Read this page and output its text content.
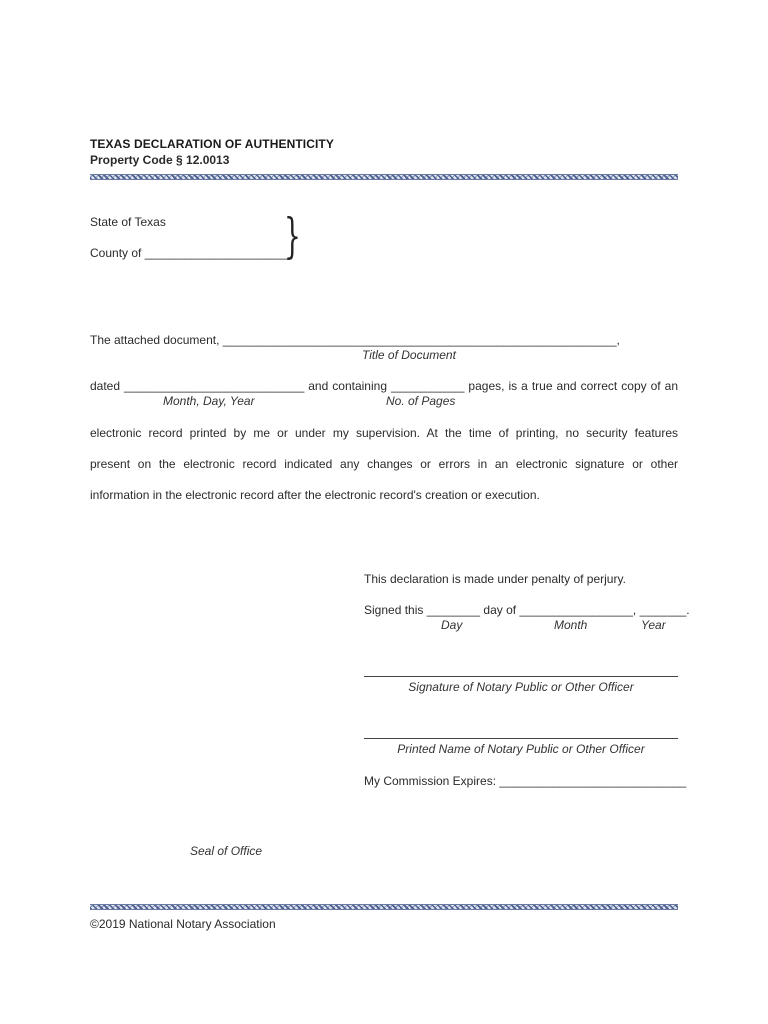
TEXAS DECLARATION OF AUTHENTICITY
Property Code § 12.0013
State of Texas
County of ______________________
}
The attached document, ___________________________________________________________,
Title of Document
dated ___________________________ and containing ___________ pages, is a true and correct copy of an
Month, Day, Year	No. of Pages
electronic record printed by me or under my supervision. At the time of printing, no security features
present on the electronic record indicated any changes or errors in an electronic signature or other
information in the electronic record after the electronic record's creation or execution.
This declaration is made under penalty of perjury.
Signed this ________ day of _________________, _______.
Day	Month	Year
Signature of Notary Public or Other Officer
Printed Name of Notary Public or Other Officer
My Commission Expires: ____________________________
Seal of Office
©2019 National Notary Association
